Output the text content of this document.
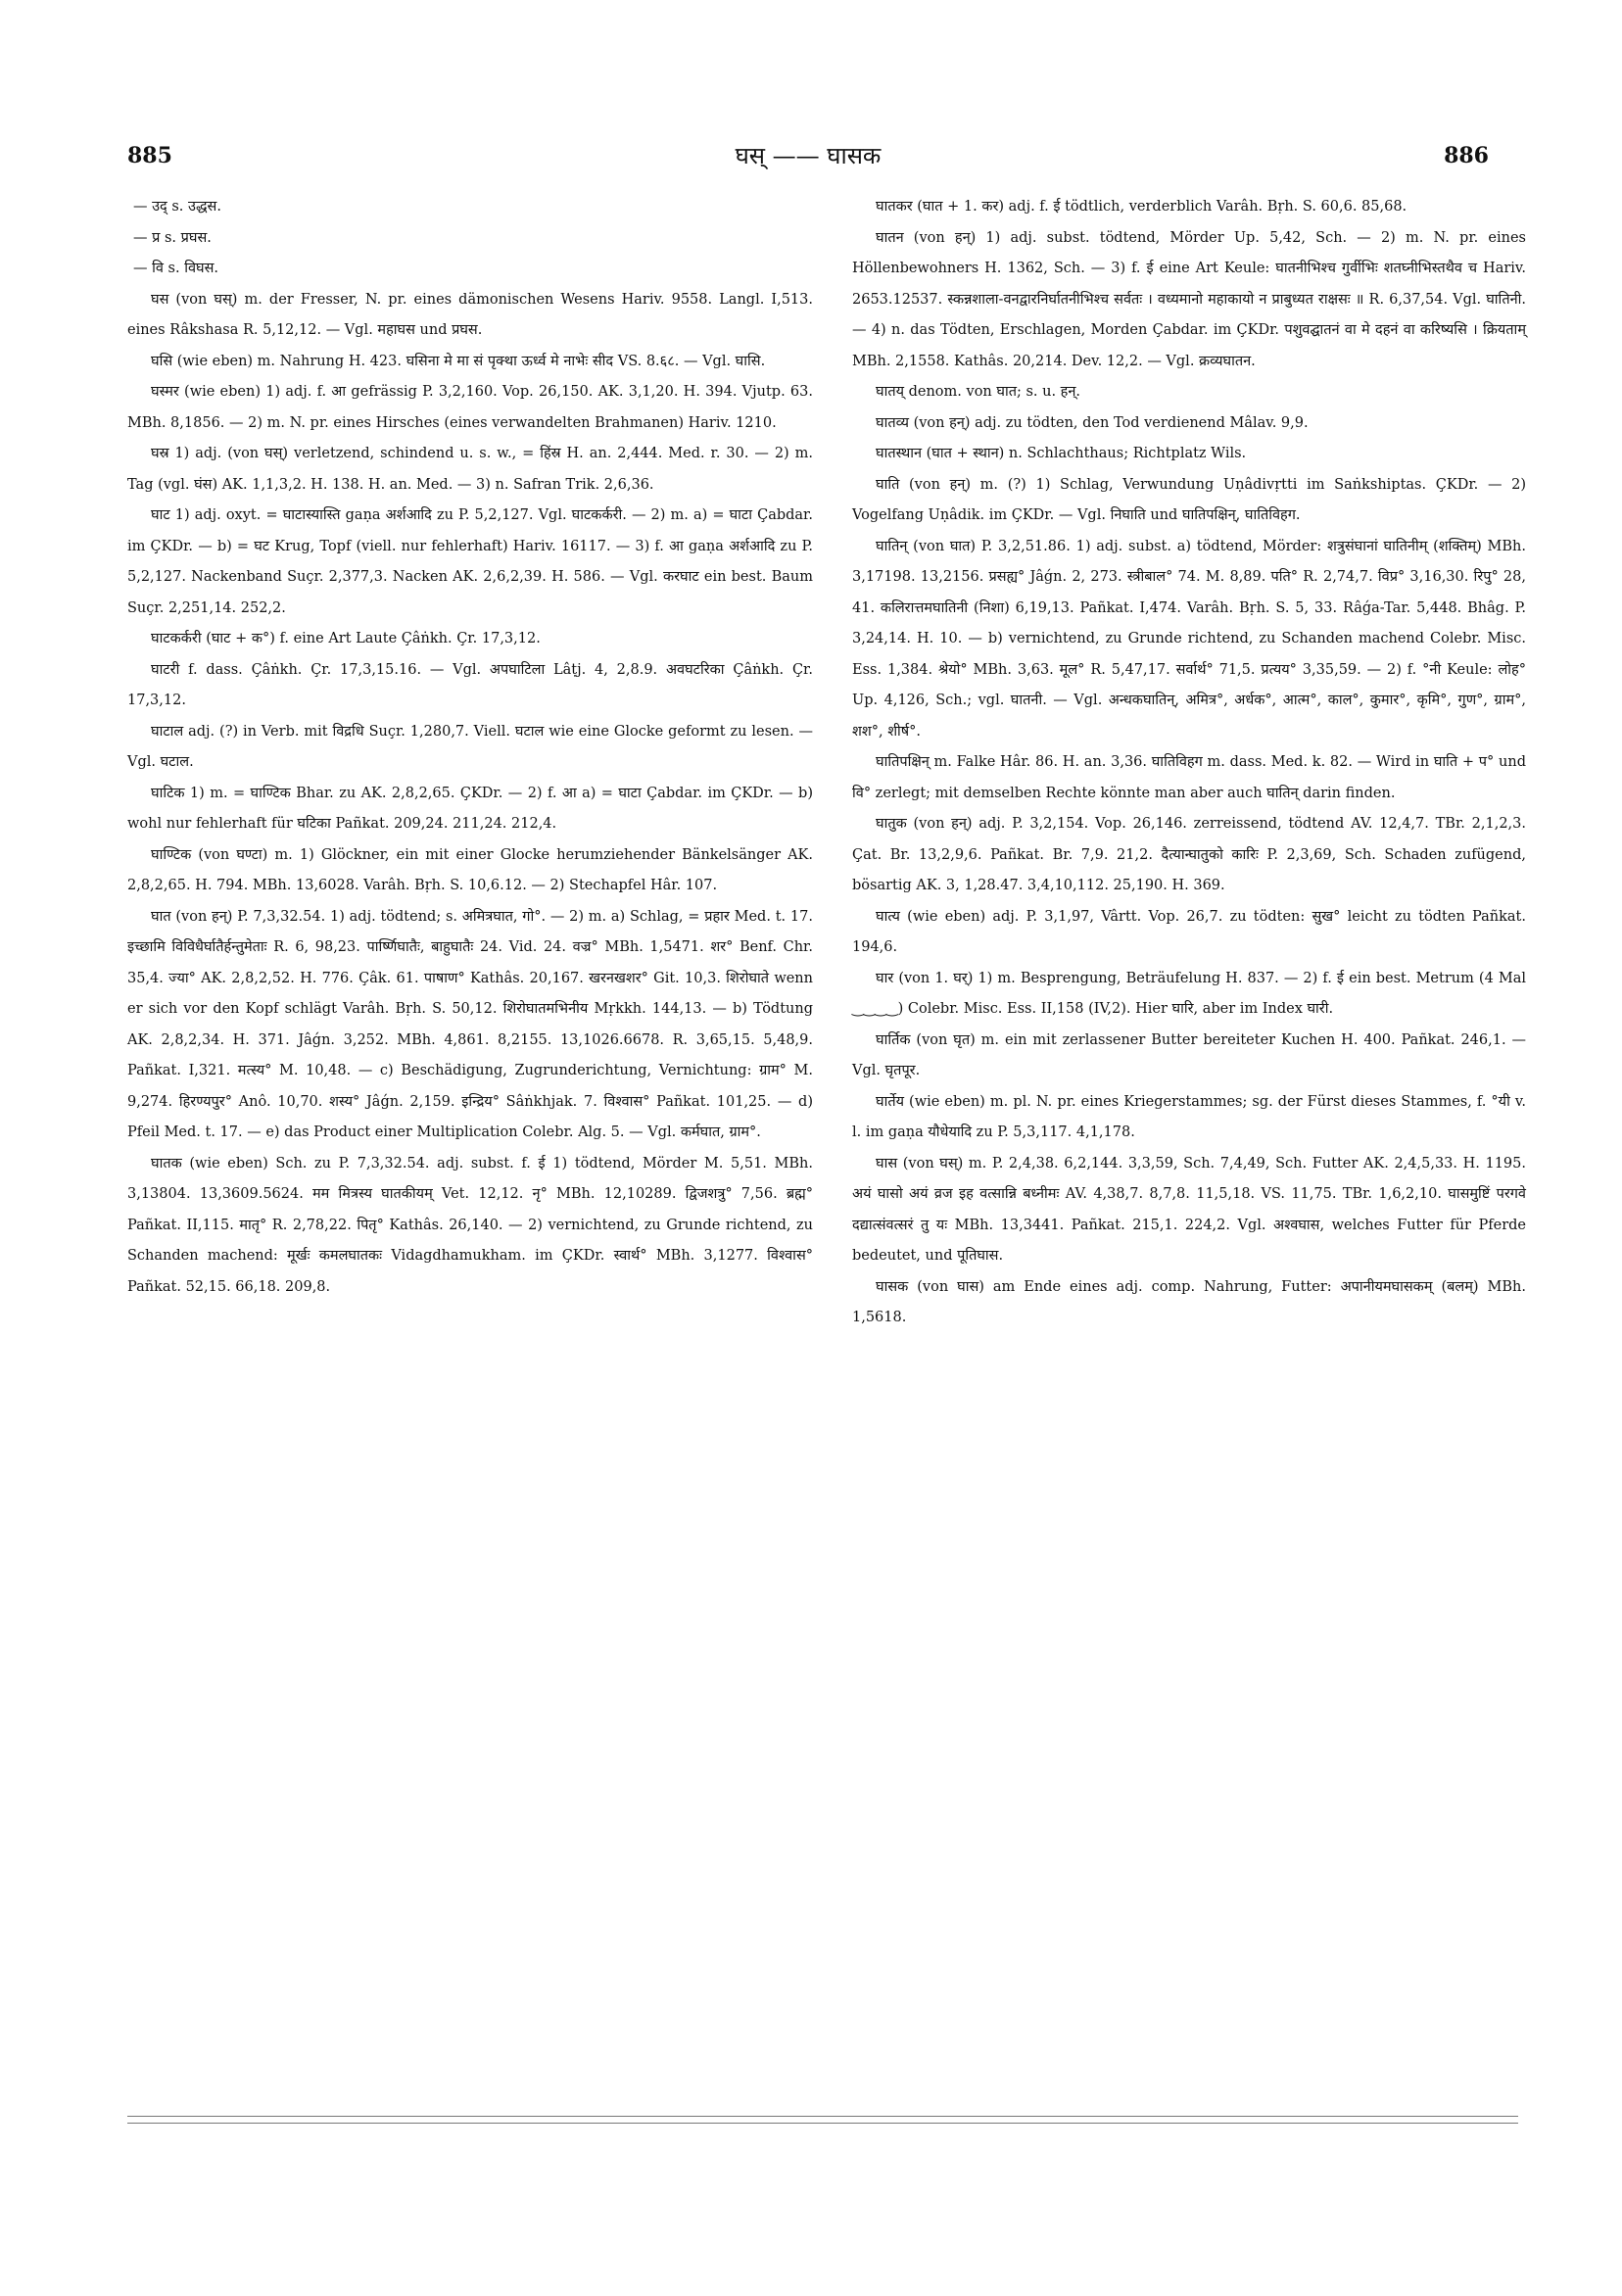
885	घस् —— घासक	886

— उद् s. उद्धस.

— प्र s. प्रघस.

— वि s. विघस.

घस (von घस्) m. der Fresser, N. pr. eines dämonischen Wesens Hariv. 9558. Langl. I,513. eines Râkshasa R. 5,12,12. — Vgl. महाघस und प्रघस.

घसि (wie eben) m. Nahrung H. 423. घसिना मे मा सं पृक्था ऊर्ध्व मे नाभेः सीद VS. 8.६८. — Vgl. घासि.

घस्मर (wie eben) 1) adj. f. आ gefrässig P. 3,2,160. Vop. 26,150. AK. 3,1,20. H. 394. Vjutp. 63. MBh. 8,1856. — 2) m. N. pr. eines Hirsches (eines verwandelten Brahmanen) Hariv. 1210.

घस्र 1) adj. (von घस्) verletzend, schindend u. s. w., = हिंस्र H. an. 2,444. Med. r. 30. — 2) m. Tag (vgl. घंस) AK. 1,1,3,2. H. 138. H. an. Med. — 3) n. Safran Trik. 2,6,36.

घाट 1) adj. oxyt. = घाटास्यास्ति gaṇa अर्शआदि zu P. 5,2,127. Vgl. घाटकर्करी. — 2) m. a) = घाटा Çabdar. im ÇKDr. — b) = घट Krug, Topf (viell. nur fehlerhaft) Hariv. 16117. — 3) f. आ gaṇa अर्शआदि zu P. 5,2,127. Nackenband Suçr. 2,377,3. Nacken AK. 2,6,2,39. H. 586. — Vgl. करघाट ein best. Baum Suçr. 2,251,14. 252,2.

घाटकर्करी (घाट + क°) f. eine Art Laute Çâṅkh. Çr. 17,3,12.

घाटरी f. dass. Çâṅkh. Çr. 17,3,15.16. — Vgl. अपघाटिला Lâṭj. 4, 2,8.9. अवघटरिका Çâṅkh. Çr. 17,3,12.

घाटाल adj. (?) in Verb. mit विद्रधि Suçr. 1,280,7. Viell. घटाल wie eine Glocke geformt zu lesen. — Vgl. घटाल.

घाटिक 1) m. = घाण्टिक Bhar. zu AK. 2,8,2,65. ÇKDr. — 2) f. आ a) = घाटा Çabdar. im ÇKDr. — b) wohl nur fehlerhaft für घटिका Pañkat. 209,24. 211,24. 212,4.

घाण्टिक (von घण्टा) m. 1) Glöckner, ein mit einer Glocke herumziehender Bänkelsänger AK. 2,8,2,65. H. 794. MBh. 13,6028. Varâh. Bṛh. S. 10,6.12. — 2) Stechapfel Hâr. 107.

घात (von हन्) P. 7,3,32.54. 1) adj. tödtend; s. अमित्रघात, गो°. — 2) m. a) Schlag, = प्रहार Med. t. 17. इच्छामि विविधैर्घातैर्हन्तुमेताः R. 6, 98,23. पार्ष्णिघातैः, बाहुघातैः 24. Vid. 24. वज्र° MBh. 1,5471. शर° Benf. Chr. 35,4. ज्या° AK. 2,8,2,52. H. 776. Çâk. 61. पाषाण° Kathâs. 20,167. खरनखशर° Git. 10,3. शिरोघाते wenn er sich vor den Kopf schlägt Varâh. Bṛh. S. 50,12. शिरोघातमभिनीय Mṛkkh. 144,13. — b) Tödtung AK. 2,8,2,34. H. 371. Jâǵn. 3,252. MBh. 4,861. 8,2155. 13,1026.6678. R. 3,65,15. 5,48,9. Pañkat. I,321. मत्स्य° M. 10,48. — c) Beschädigung, Zugrunderichtung, Vernichtung: ग्राम° M. 9,274. हिरण्यपुर° Anô. 10,70. शस्य° Jâǵn. 2,159. इन्द्रिय° Sâṅkhjak. 7. विश्वास° Pañkat. 101,25. — d) Pfeil Med. t. 17. — e) das Product einer Multiplication Colebr. Alg. 5. — Vgl. कर्मघात, ग्राम°.

घातक (wie eben) Sch. zu P. 7,3,32.54. adj. subst. f. ई 1) tödtend, Mörder M. 5,51. MBh. 3,13804. 13,3609.5624. मम मित्रस्य घातकीयम् Vet. 12,12. नृ° MBh. 12,10289. द्विजशत्रु° 7,56. ब्रह्म° Pañkat. II,115. मातृ° R. 2,78,22. पितृ° Kathâs. 26,140. — 2) vernichtend, zu Grunde richtend, zu Schanden machend: मूर्खः कमलघातकः Vidagdhamukham. im ÇKDr. स्वार्थ° MBh. 3,1277. विश्वास° Pañkat. 52,15. 66,18. 209,8.

घातकर (घात + 1. कर) adj. f. ई tödtlich, verderblich Varâh. Bṛh. S. 60,6. 85,68.

घातन (von हन्) 1) adj. subst. tödtend, Mörder Up. 5,42, Sch. — 2) m. N. pr. eines Höllenbewohners H. 1362, Sch. — 3) f. ई eine Art Keule: घातनीभिश्च गुर्वीभिः शतघ्नीभिस्तथैव च Hariv. 2653.12537. स्कन्नशाला-वनद्वारनिर्घातनीभिश्च सर्वतः । वध्यमानो महाकायो न प्राबुध्यत राक्षसः ॥ R. 6,37,54. Vgl. घातिनी. — 4) n. das Tödten, Erschlagen, Morden Çabdar. im ÇKDr. पशुवद्घातनं वा मे दहनं वा करिष्यसि । क्रियताम् MBh. 2,1558. Kathâs. 20,214. Dev. 12,2. — Vgl. क्रव्यघातन.

घातय् denom. von घात; s. u. हन्.

घातव्य (von हन्) adj. zu tödten, den Tod verdienend Mâlav. 9,9.

घातस्थान (घात + स्थान) n. Schlachthaus; Richtplatz Wils.

घाति (von हन्) m. (?) 1) Schlag, Verwundung Uṇâdivṛtti im Saṅkshiptas. ÇKDr. — 2) Vogelfang Uṇâdik. im ÇKDr. — Vgl. निघाति und घातिपक्षिन्, घातिविहग.

घातिन् (von घात) P. 3,2,51.86. 1) adj. subst. a) tödtend, Mörder: शत्रुसंघानां घातिनीम् (शक्तिम्) MBh. 3,17198. 13,2156. प्रसह्य° Jâǵn. 2, 273. स्त्रीबाल° 74. M. 8,89. पति° R. 2,74,7. विप्र° 3,16,30. रिपु° 28, 41. कलिरात्तमघातिनी (निशा) 6,19,13. Pañkat. I,474. Varâh. Bṛh. S. 5, 33. Râǵa-Tar. 5,448. Bhâg. P. 3,24,14. H. 10. — b) vernichtend, zu Grunde richtend, zu Schanden machend Colebr. Misc. Ess. 1,384. श्रेयो° MBh. 3,63. मूल° R. 5,47,17. सर्वार्थ° 71,5. प्रत्यय° 3,35,59. — 2) f. °नी Keule: लोह° Up. 4,126, Sch.; vgl. घातनी. — Vgl. अन्धकघातिन्, अमित्र°, अर्धक°, आत्म°, काल°, कुमार°, कृमि°, गुण°, ग्राम°, शश°, शीर्ष°.

घातिपक्षिन् m. Falke Hâr. 86. H. an. 3,36. घातिविहग m. dass. Med. k. 82. — Wird in घाति + प° und वि° zerlegt; mit demselben Rechte könnte man aber auch घातिन् darin finden.

घातुक (von हन्) adj. P. 3,2,154. Vop. 26,146. zerreissend, tödtend AV. 12,4,7. TBr. 2,1,2,3. Çat. Br. 13,2,9,6. Pañkat. Br. 7,9. 21,2. दैत्यान्घातुको कारिः P. 2,3,69, Sch. Schaden zufügend, bösartig AK. 3, 1,28.47. 3,4,10,112. 25,190. H. 369.

घात्य (wie eben) adj. P. 3,1,97, Vârtt. Vop. 26,7. zu tödten: सुख° leicht zu tödten Pañkat. 194,6.

घार (von 1. घर्) 1) m. Besprengung, Beträufelung H. 837. — 2) f. ई ein best. Metrum (4 Mal ‿‿‿‿) Colebr. Misc. Ess. II,158 (IV,2). Hier घारि, aber im Index घारी.

घार्तिक (von घृत) m. ein mit zerlassener Butter bereiteter Kuchen H. 400. Pañkat. 246,1. — Vgl. घृतपूर.

घार्तेय (wie eben) m. pl. N. pr. eines Kriegerstammes; sg. der Fürst dieses Stammes, f. °यी v. l. im gaṇa यौधेयादि zu P. 5,3,117. 4,1,178.

घास (von घस्) m. P. 2,4,38. 6,2,144. 3,3,59, Sch. 7,4,49, Sch. Futter AK. 2,4,5,33. H. 1195. अयं घासो अयं व्रज इह वत्सान्नि बध्नीमः AV. 4,38,7. 8,7,8. 11,5,18. VS. 11,75. TBr. 1,6,2,10. घासमुष्टिं परगवे दद्यात्संवत्सरं तु यः MBh. 13,3441. Pañkat. 215,1. 224,2. Vgl. अश्वघास, welches Futter für Pferde bedeutet, und पूतिघास.

घासक (von घास) am Ende eines adj. comp. Nahrung, Futter: अपानीयमघासकम् (बलम्) MBh. 1,5618.
